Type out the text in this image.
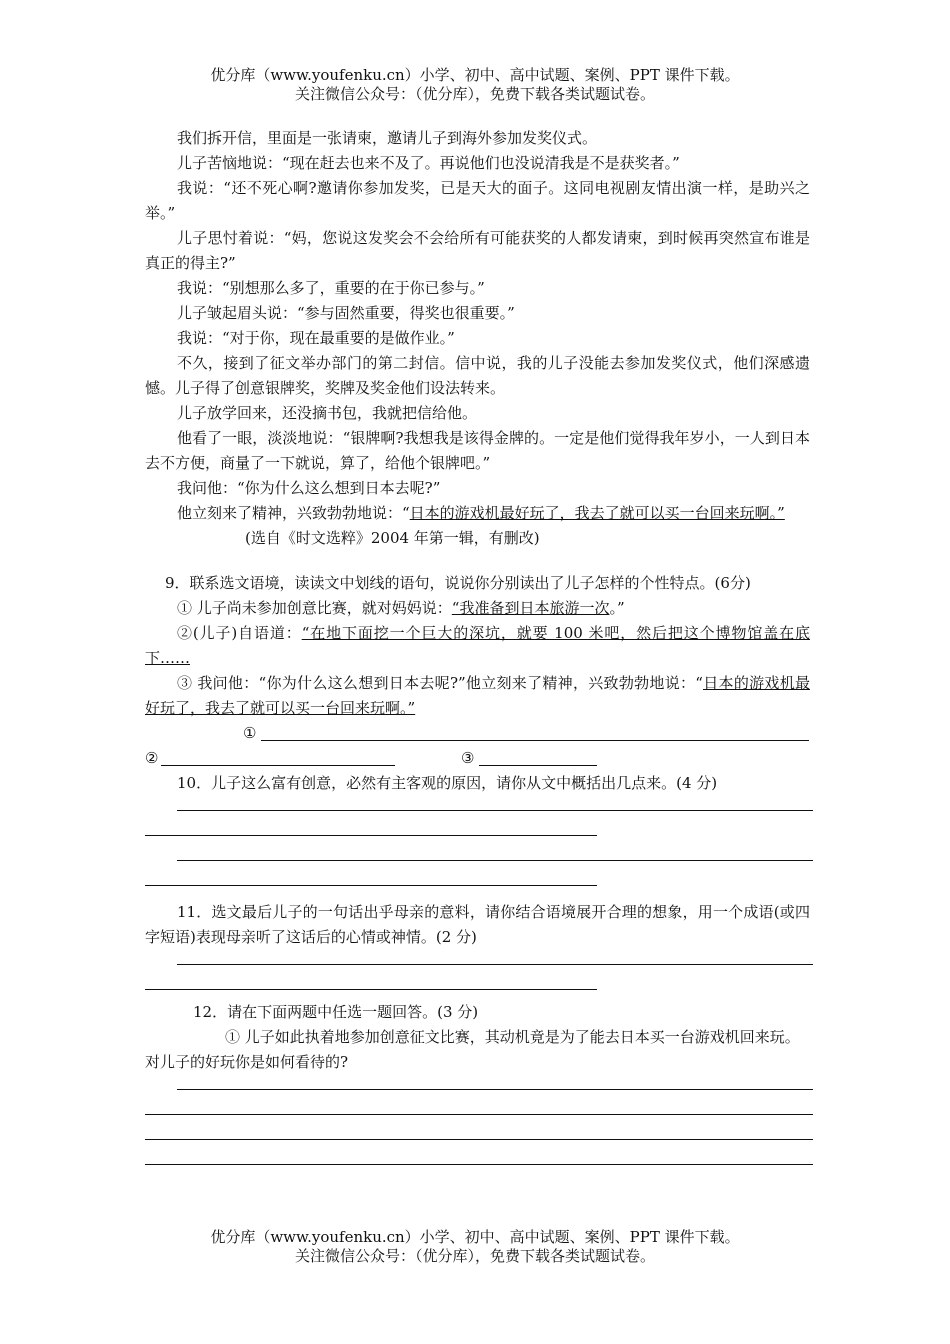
优分库（www.youfenku.cn）小学、初中、高中试题、案例、PPT 课件下载。
关注微信公众号：（优分库），免费下载各类试题试卷。

我们拆开信，里面是一张请柬，邀请儿子到海外参加发奖仪式。

儿子苦恼地说：“现在赶去也来不及了。再说他们也没说清我是不是获奖者。”

我说：“还不死心啊?邀请你参加发奖，已是天大的面子。这同电视剧友情出演一样，是助兴之举。”

儿子思忖着说：“妈，您说这发奖会不会给所有可能获奖的人都发请柬，到时候再突然宣布谁是真正的得主?”

我说：“别想那么多了，重要的在于你已参与。”

儿子皱起眉头说：“参与固然重要，得奖也很重要。”

我说：“对于你，现在最重要的是做作业。”

不久，接到了征文举办部门的第二封信。信中说，我的儿子没能去参加发奖仪式，他们深感遗憾。儿子得了创意银牌奖，奖牌及奖金他们设法转来。

儿子放学回来，还没摘书包，我就把信给他。

他看了一眼，淡淡地说：“银牌啊?我想我是该得金牌的。一定是他们觉得我年岁小，一人到日本去不方便，商量了一下就说，算了，给他个银牌吧。”

我问他：“你为什么这么想到日本去呢?”

他立刻来了精神，兴致勃勃地说：“日本的游戏机最好玩了，我去了就可以买一台回来玩啊。”

(选自《时文选粹》2004 年第一辑，有删改)

9．联系选文语境，读读文中划线的语句，说说你分别读出了儿子怎样的个性特点。(6分)

① 儿子尚未参加创意比赛，就对妈妈说：“我准备到日本旅游一次。”

②(儿子)自语道：“在地下面挖一个巨大的深坑，就要 100 米吧，然后把这个博物馆盖在底下……

③ 我问他：“你为什么这么想到日本去呢?”他立刻来了精神，兴致勃勃地说：“日本的游戏机最好玩了，我去了就可以买一台回来玩啊。”

①
②	③

10．儿子这么富有创意，必然有主客观的原因，请你从文中概括出几点来。(4 分)

11．选文最后儿子的一句话出乎母亲的意料，请你结合语境展开合理的想象，用一个成语(或四字短语)表现母亲听了这话后的心情或神情。(2 分)

12．请在下面两题中任选一题回答。(3 分)

① 儿子如此执着地参加创意征文比赛，其动机竟是为了能去日本买一台游戏机回来玩。对儿子的好玩你是如何看待的?

优分库（www.youfenku.cn）小学、初中、高中试题、案例、PPT 课件下载。
关注微信公众号：（优分库），免费下载各类试题试卷。
